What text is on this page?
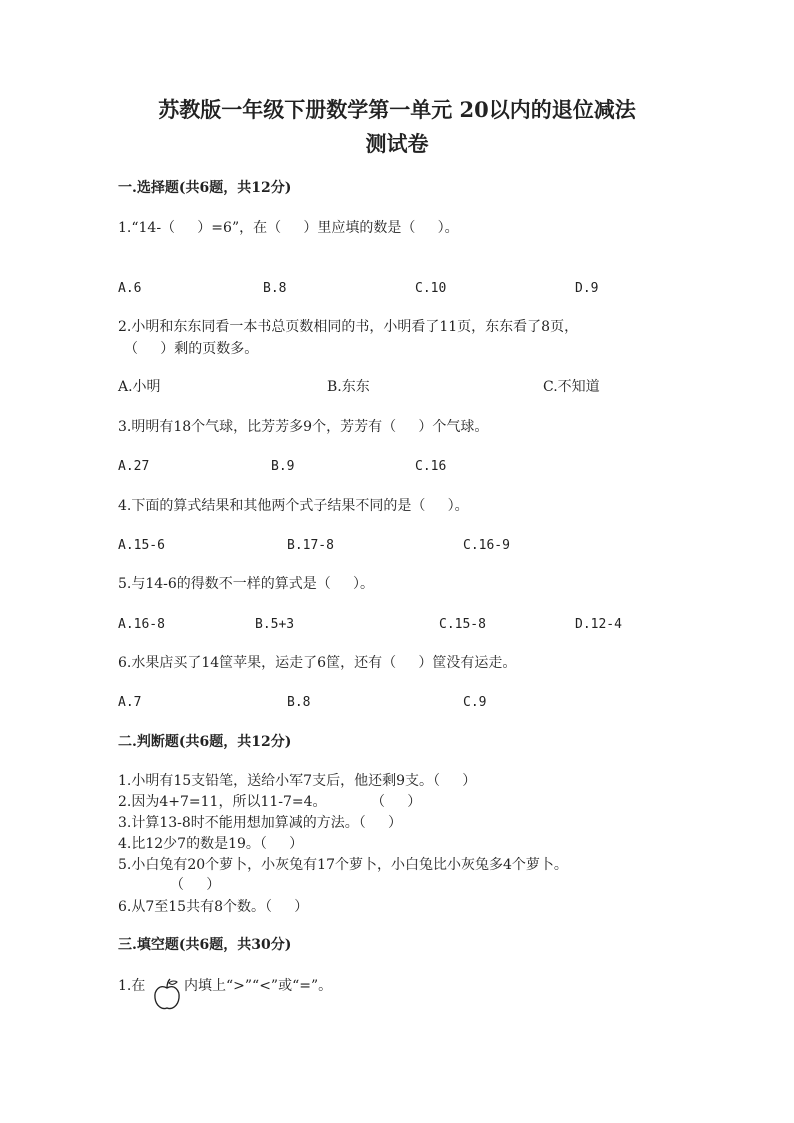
苏教版一年级下册数学第一单元 20以内的退位减法
测试卷
一.选择题(共6题，共12分)
1.“14-（     ）=6”，在（     ）里应填的数是（     ）。
A.6	B.8	C.10	D.9
2.小明和东东同看一本书总页数相同的书，小明看了11页，东东看了8页，
（     ）剩的页数多。
A.小明	B.东东	C.不知道
3.明明有18个气球，比芳芳多9个，芳芳有（     ）个气球。
A.27	B.9	C.16
4.下面的算式结果和其他两个式子结果不同的是（     ）。
A.15-6	B.17-8	C.16-9
5.与14-6的得数不一样的算式是（     ）。
A.16-8	B.5+3	C.15-8	D.12-4
6.水果店买了14筐苹果，运走了6筐，还有（     ）筐没有运走。
A.7	B.8	C.9
二.判断题(共6题，共12分)
1.小明有15支铅笔，送给小军7支后，他还剩9支。（     ）
2.因为4+7=11，所以11-7=4。          （     ）
3.计算13-8时不能用想加算减的方法。（     ）
4.比12少7的数是19。（     ）
5.小白兔有20个萝卜，小灰兔有17个萝卜，小白兔比小灰兔多4个萝卜。
（     ）
6.从7至15共有8个数。（     ）
三.填空题(共6题，共30分)
1.在	内填上“>”“<”或“=”。
